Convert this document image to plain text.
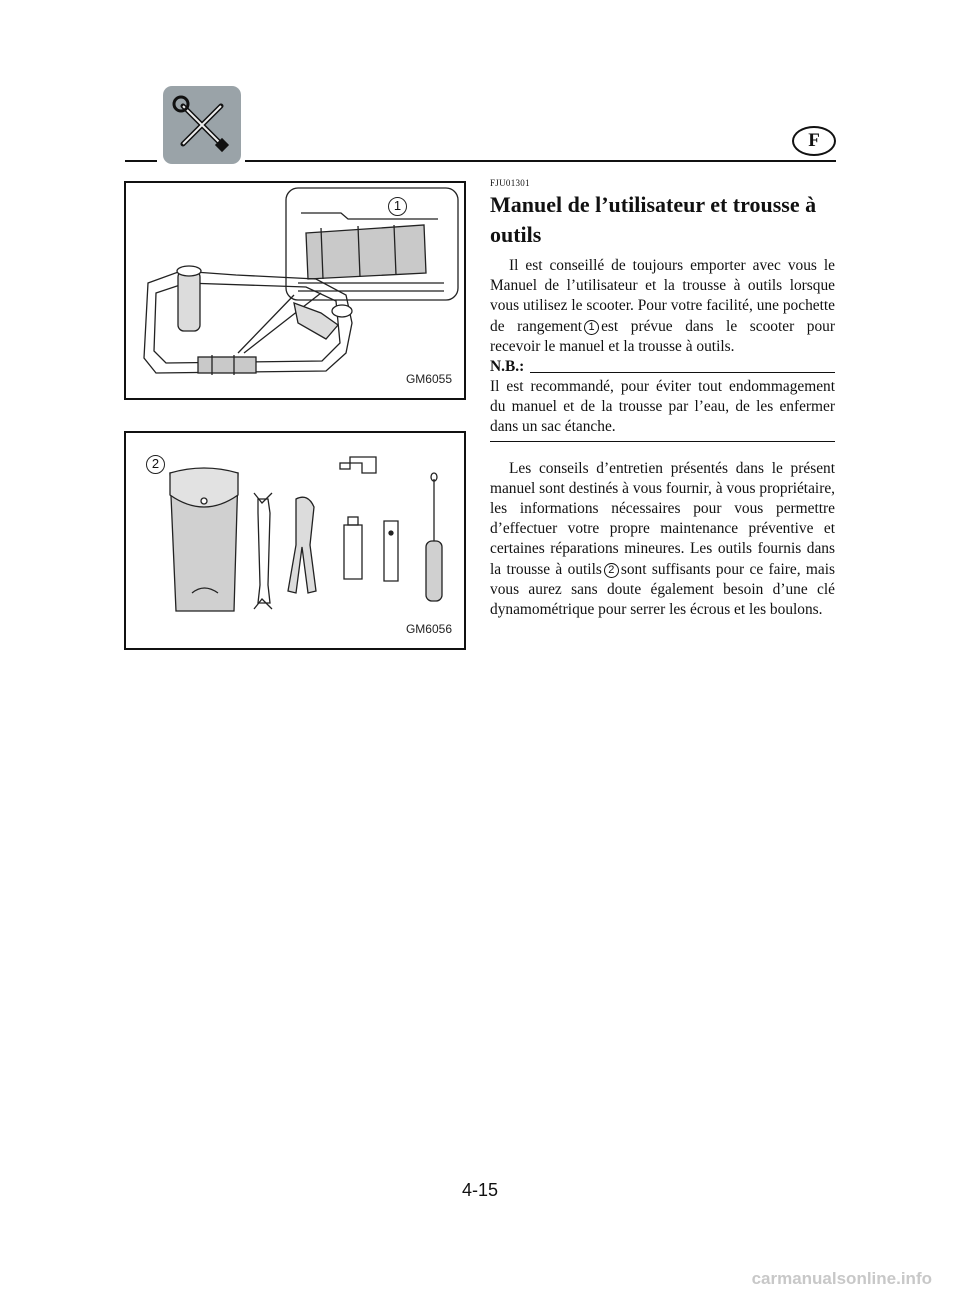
F
1
GM6055
2
GM6056
FJU01301
Manuel de l’utilisateur et trousse à outils

Il est conseillé de toujours emporter avec vous le Manuel de l’utilisateur et la trousse à outils lorsque vous utilisez le scooter. Pour votre facilité, une pochette de rangement 1 est prévue dans le scooter pour recevoir le manuel et la trousse à outils.

N.B.:

Il est recommandé, pour éviter tout endommagement du manuel et de la trousse par l’eau, de les enfermer dans un sac étanche.

Les conseils d’entretien présentés dans le présent manuel sont destinés à vous fournir, à vous propriétaire, les informations nécessaires pour vous permettre d’effectuer votre propre maintenance préventive et certaines réparations mineures. Les outils fournis dans la trousse à outils 2 sont suffisants pour ce faire, mais vous aurez sans doute également besoin d’une clé dynamométrique pour serrer les écrous et les boulons.

4-15
carmanualsonline.info
